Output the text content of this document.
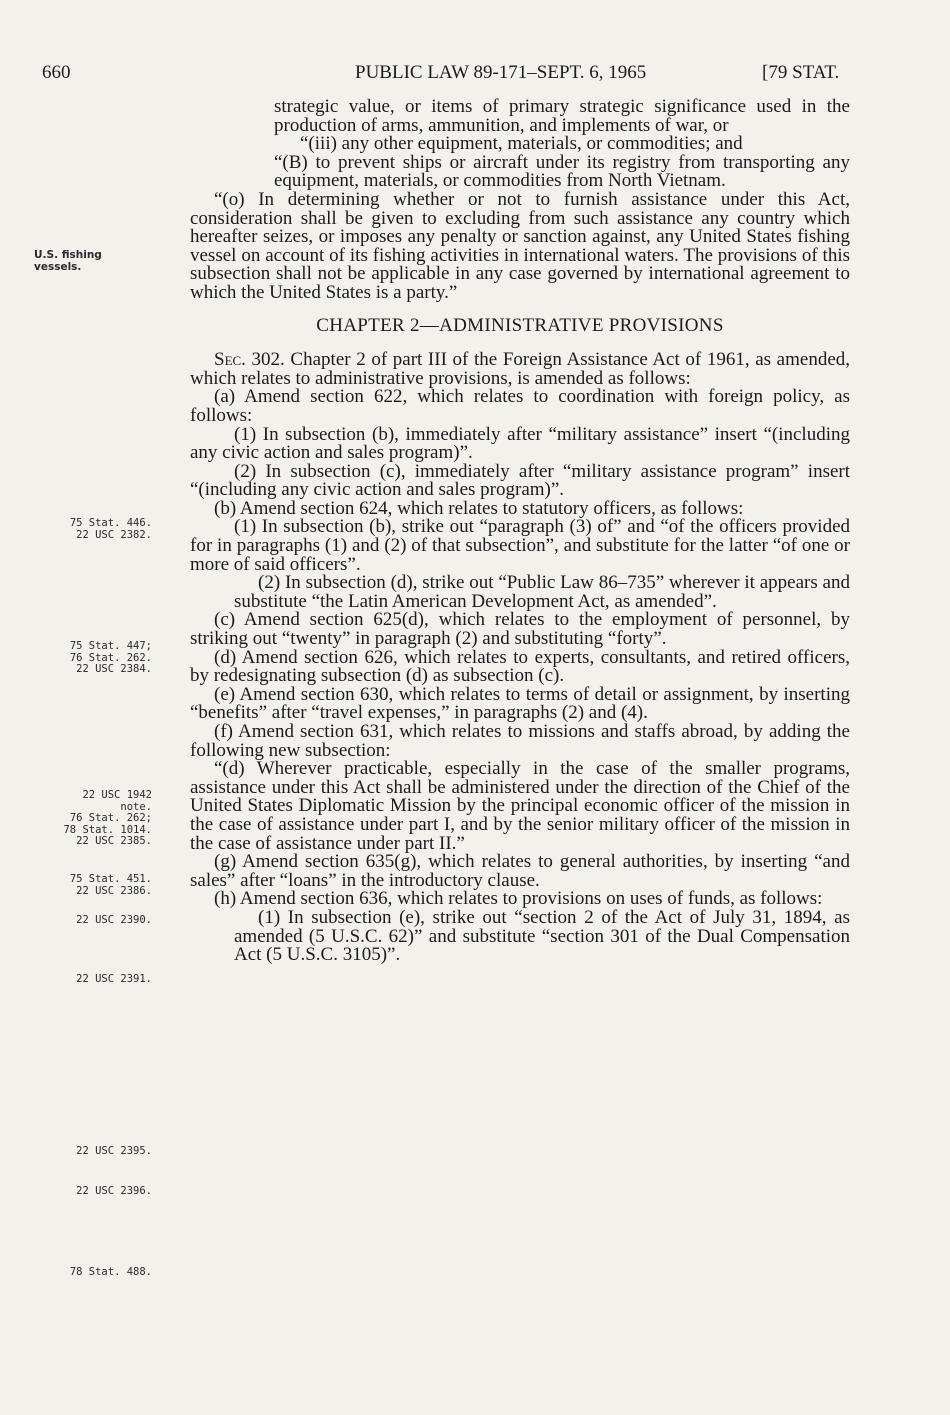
660	PUBLIC LAW 89-171–SEPT. 6, 1965	[79 STAT.
U.S. fishing
vessels.
75 Stat. 446.
22 USC 2382.
75 Stat. 447;
76 Stat. 262.
22 USC 2384.
22 USC 1942
note.
76 Stat. 262;
78 Stat. 1014.
22 USC 2385.
75 Stat. 451.
22 USC 2386.
22 USC 2390.
22 USC 2391.
22 USC 2395.
22 USC 2396.
78 Stat. 488.

strategic value, or items of primary strategic significance used in the production of arms, ammunition, and implements of war, or

“(iii) any other equipment, materials, or commodities; and

“(B) to prevent ships or aircraft under its registry from transporting any equipment, materials, or commodities from North Vietnam.

“(o) In determining whether or not to furnish assistance under this Act, consideration shall be given to excluding from such assistance any country which hereafter seizes, or imposes any penalty or sanction against, any United States fishing vessel on account of its fishing activities in international waters. The provisions of this subsection shall not be applicable in any case governed by international agreement to which the United States is a party.”

CHAPTER 2—ADMINISTRATIVE PROVISIONS

Sec. 302. Chapter 2 of part III of the Foreign Assistance Act of 1961, as amended, which relates to administrative provisions, is amended as follows:

(a) Amend section 622, which relates to coordination with foreign policy, as follows:

(1) In subsection (b), immediately after “military assistance” insert “(including any civic action and sales program)”.

(2) In subsection (c), immediately after “military assistance program” insert “(including any civic action and sales program)”.

(b) Amend section 624, which relates to statutory officers, as follows:

(1) In subsection (b), strike out “paragraph (3) of” and “of the officers provided for in paragraphs (1) and (2) of that subsection”, and substitute for the latter “of one or more of said officers”.

(2) In subsection (d), strike out “Public Law 86–735” wherever it appears and substitute “the Latin American Development Act, as amended”.

(c) Amend section 625(d), which relates to the employment of personnel, by striking out “twenty” in paragraph (2) and substituting “forty”.

(d) Amend section 626, which relates to experts, consultants, and retired officers, by redesignating subsection (d) as subsection (c).

(e) Amend section 630, which relates to terms of detail or assignment, by inserting “benefits” after “travel expenses,” in paragraphs (2) and (4).

(f) Amend section 631, which relates to missions and staffs abroad, by adding the following new subsection:

“(d) Wherever practicable, especially in the case of the smaller programs, assistance under this Act shall be administered under the direction of the Chief of the United States Diplomatic Mission by the principal economic officer of the mission in the case of assistance under part I, and by the senior military officer of the mission in the case of assistance under part II.”

(g) Amend section 635(g), which relates to general authorities, by inserting “and sales” after “loans” in the introductory clause.

(h) Amend section 636, which relates to provisions on uses of funds, as follows:

(1) In subsection (e), strike out “section 2 of the Act of July 31, 1894, as amended (5 U.S.C. 62)” and substitute “section 301 of the Dual Compensation Act (5 U.S.C. 3105)”.
